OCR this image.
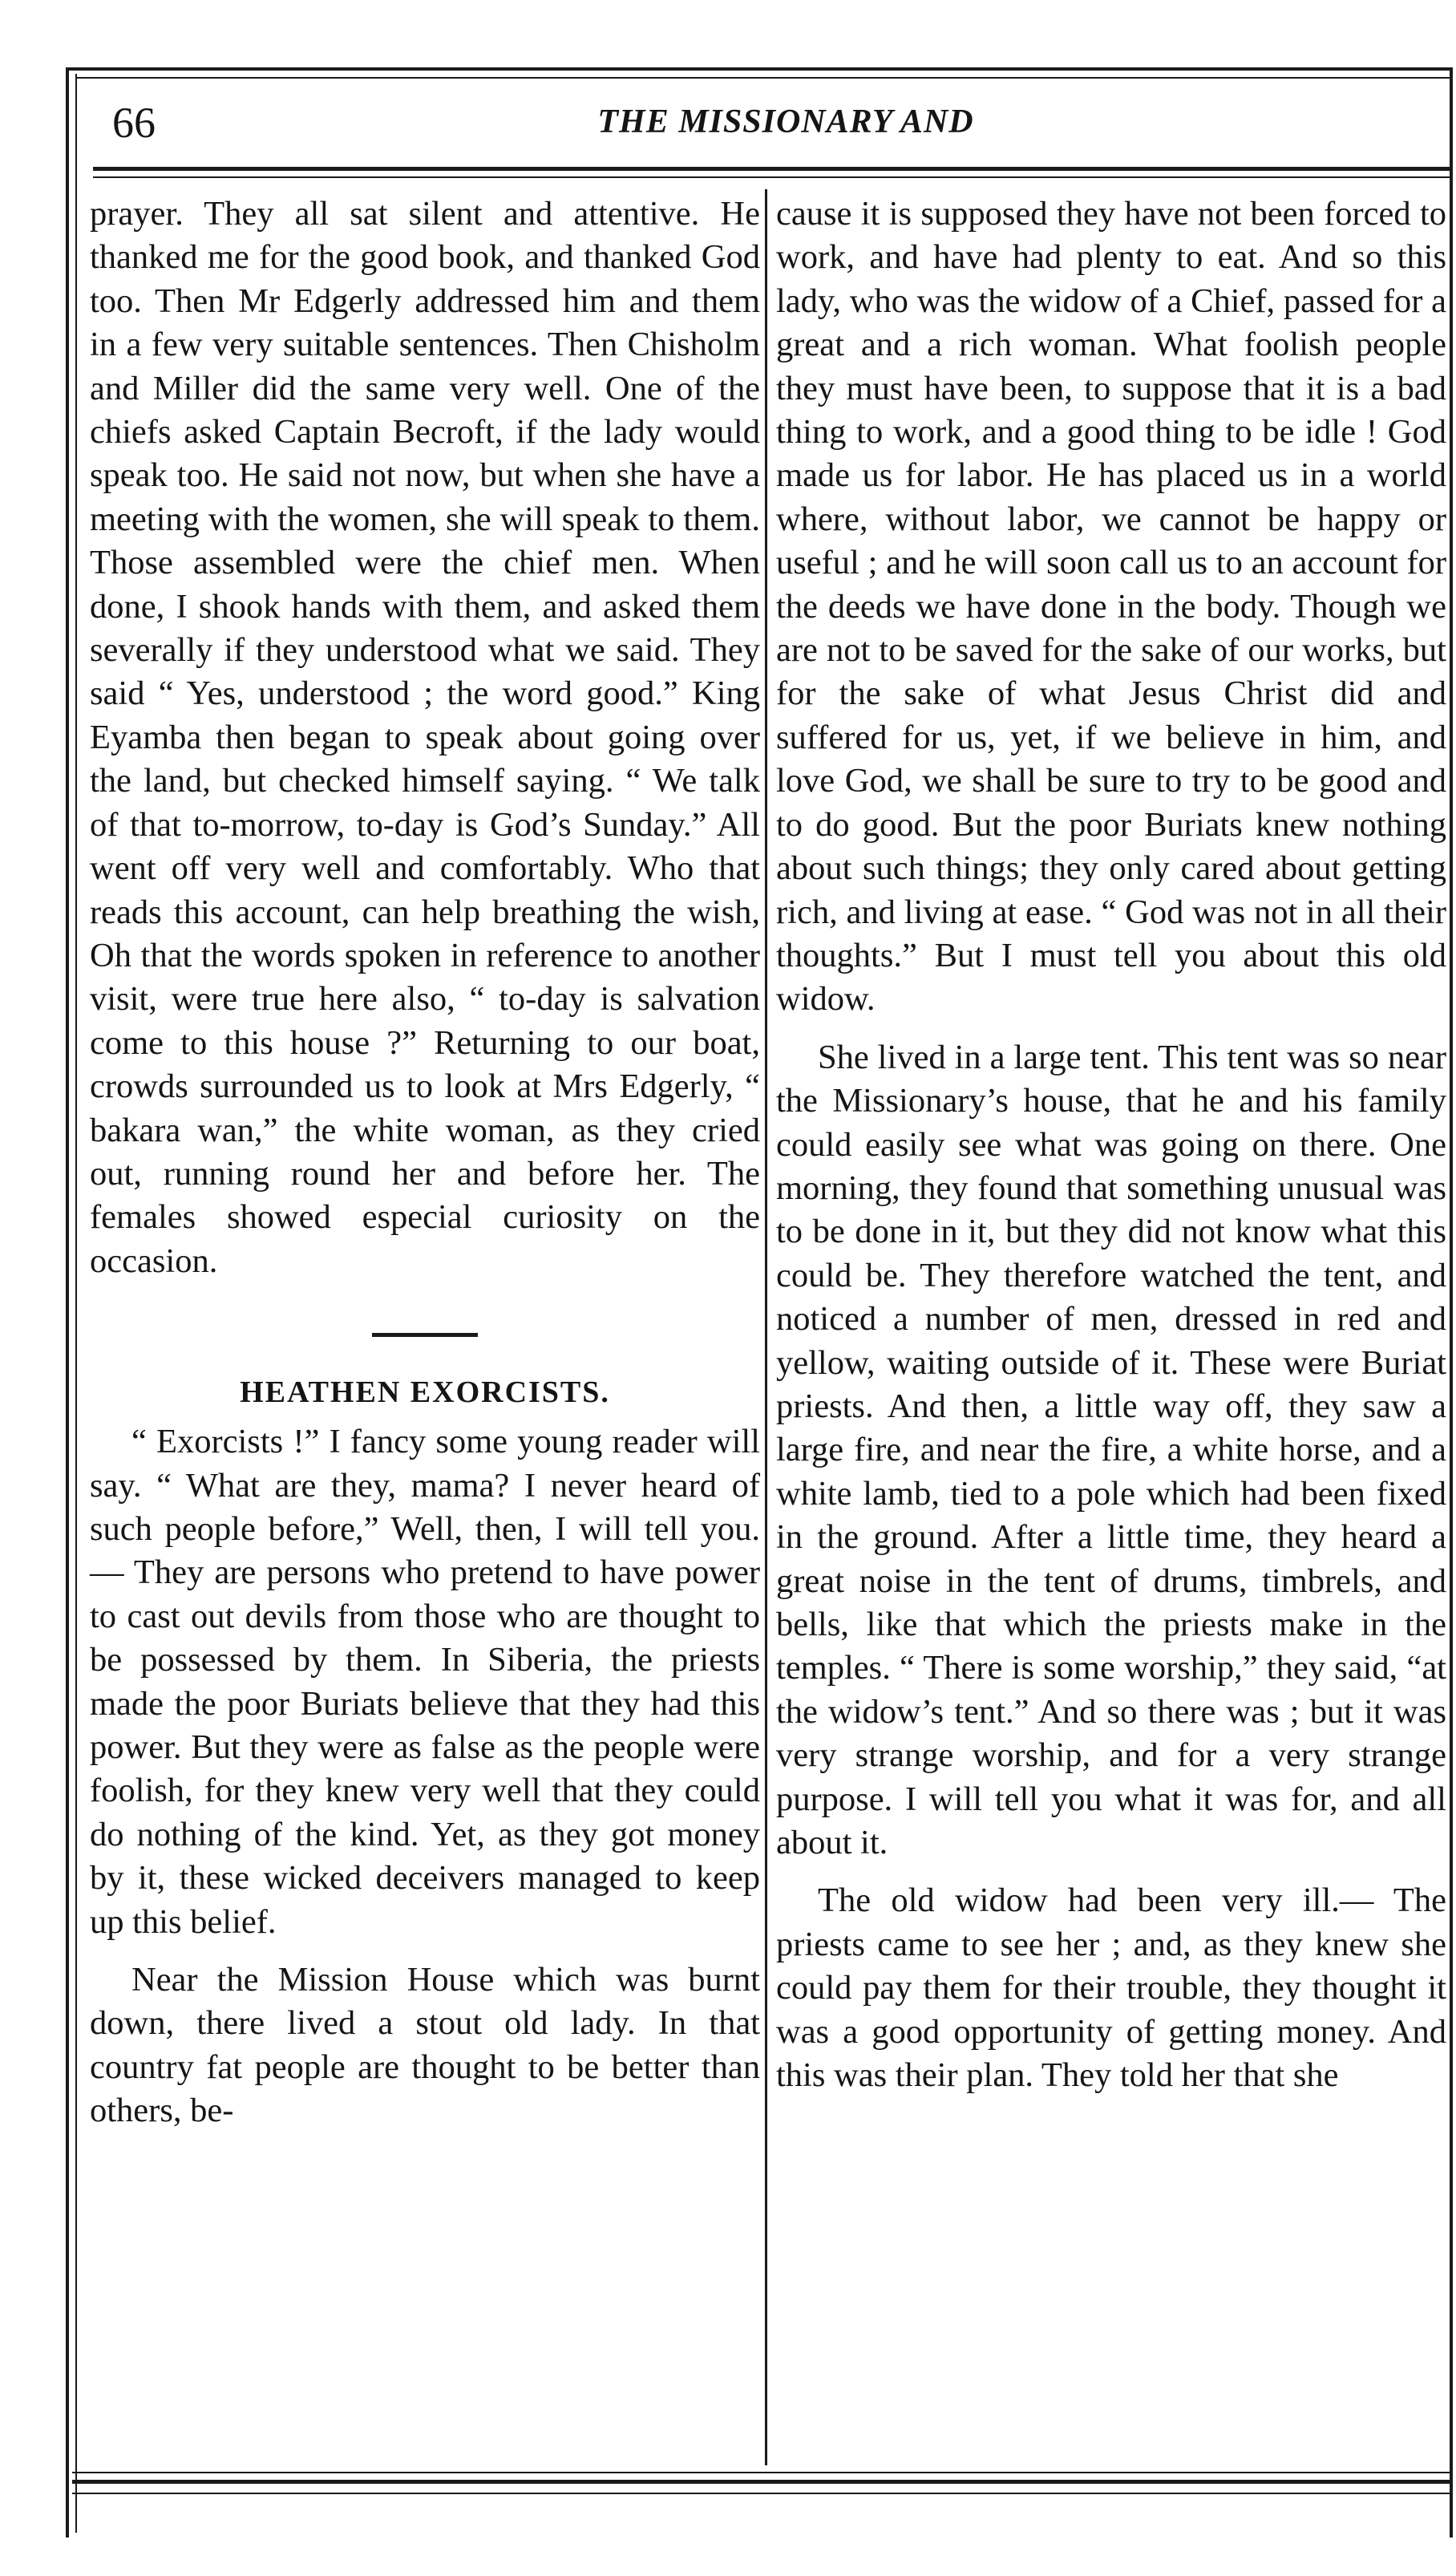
66	THE MISSIONARY AND

prayer. They all sat silent and attentive. He thanked me for the good book, and thanked God too. Then Mr Edgerly addressed him and them in a few very suitable sentences. Then Chisholm and Miller did the same very well. One of the chiefs asked Captain Becroft, if the lady would speak too. He said not now, but when she have a meeting with the women, she will speak to them. Those assembled were the chief men. When done, I shook hands with them, and asked them severally if they understood what we said. They said “ Yes, understood ; the word good.” King Eyamba then began to speak about going over the land, but checked himself saying. “ We talk of that to-morrow, to-day is God’s Sunday.” All went off very well and comfortably. Who that reads this account, can help breathing the wish, Oh that the words spoken in reference to another visit, were true here also, “ to-day is salvation come to this house ?” Returning to our boat, crowds surrounded us to look at Mrs Edgerly, “ bakara wan,” the white woman, as they cried out, running round her and before her. The females showed especial curiosity on the occasion.

HEATHEN EXORCISTS.

“ Exorcists !” I fancy some young reader will say. “ What are they, mama? I never heard of such people before,” Well, then, I will tell you.— They are persons who pretend to have power to cast out devils from those who are thought to be possessed by them. In Siberia, the priests made the poor Buriats believe that they had this power. But they were as false as the people were foolish, for they knew very well that they could do nothing of the kind. Yet, as they got money by it, these wicked deceivers managed to keep up this belief.

Near the Mission House which was burnt down, there lived a stout old lady. In that country fat people are thought to be better than others, be-

cause it is supposed they have not been forced to work, and have had plenty to eat. And so this lady, who was the widow of a Chief, passed for a great and a rich woman. What foolish people they must have been, to suppose that it is a bad thing to work, and a good thing to be idle ! God made us for labor. He has placed us in a world where, without labor, we cannot be happy or useful ; and he will soon call us to an account for the deeds we have done in the body. Though we are not to be saved for the sake of our works, but for the sake of what Jesus Christ did and suffered for us, yet, if we believe in him, and love God, we shall be sure to try to be good and to do good. But the poor Buriats knew nothing about such things; they only cared about getting rich, and living at ease. “ God was not in all their thoughts.” But I must tell you about this old widow.

She lived in a large tent. This tent was so near the Missionary’s house, that he and his family could easily see what was going on there. One morning, they found that something unusual was to be done in it, but they did not know what this could be. They therefore watched the tent, and noticed a number of men, dressed in red and yellow, waiting outside of it. These were Buriat priests. And then, a little way off, they saw a large fire, and near the fire, a white horse, and a white lamb, tied to a pole which had been fixed in the ground. After a little time, they heard a great noise in the tent of drums, timbrels, and bells, like that which the priests make in the temples. “ There is some worship,” they said, “at the widow’s tent.” And so there was ; but it was very strange worship, and for a very strange purpose. I will tell you what it was for, and all about it.

The old widow had been very ill.— The priests came to see her ; and, as they knew she could pay them for their trouble, they thought it was a good opportunity of getting money. And this was their plan. They told her that she
